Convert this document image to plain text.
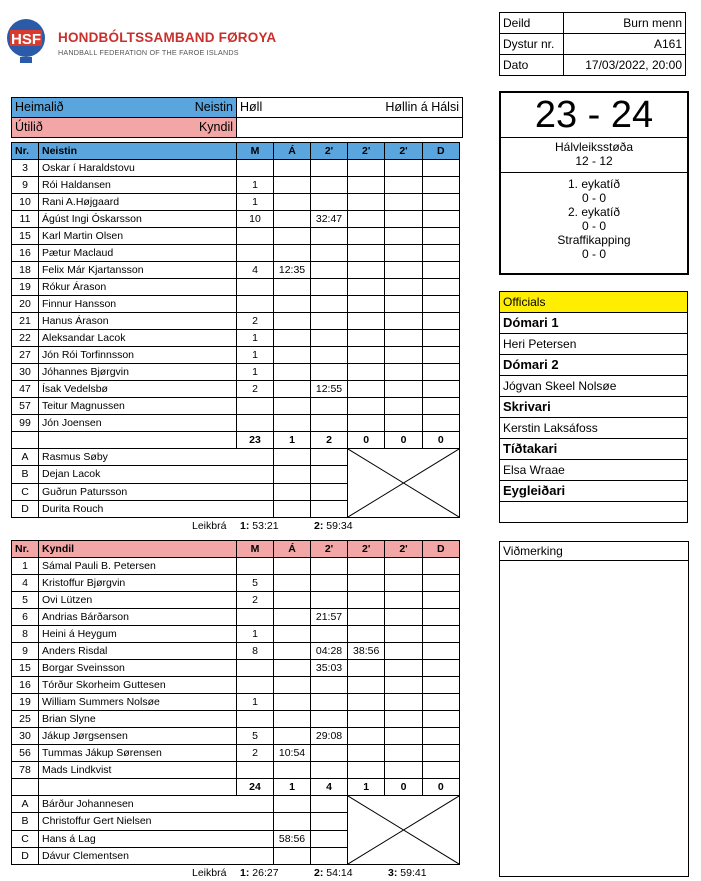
HSF HONDBÓLTSSAMBAND FØROYA
HANDBALL FEDERATION OF THE FAROE ISLANDS
Deild	Burn menn
Dystur nr.	A161
Dato	17/03/2022, 20:00
23 - 24
Hálvleiksstøða
12 - 12
1. eykatíð
0 - 0
2. eykatíð
0 - 0
Straffikapping
0 - 0
Heimalið Neistin	Høll Høllin á Hálsi

Útilið Kyndil	

Nr.	Neistin	M	Á	2'	2'	2'	D
3	Oskar í Haraldstovu						
9	Rói Haldansen	1					
10	Rani A.Højgaard	1					
11	Ágúst Ingi Óskarsson	10		32:47			
15	Karl Martin Olsen						
16	Pætur Maclaud						
18	Felix Már Kjartansson	4	12:35				
19	Rókur Árason						
20	Finnur Hansson						
21	Hanus Árason	2					
22	Aleksandar Lacok	1					
27	Jón Rói Torfinnsson	1					
30	Jóhannes Bjørgvin	1					
47	Ísak Vedelsbø	2		12:55			
57	Teitur Magnussen						
99	Jón Joensen						
		23	1	2	0	0	0
A	Rasmus Søby			

B	Dejan Lacok						
C	Guðrun Patursson						
D	Durita Rouch						
Leikbrá 1: 53:21	2: 59:34
Nr.	Kyndil	M	Á	2'	2'	2'	D
1	Sámal Pauli B. Petersen						
4	Kristoffur Bjørgvin	5					
5	Ovi Lützen	2					
6	Andrias Bárðarson			21:57			
8	Heini á Heygum	1					
9	Anders Risdal	8		04:28	38:56		
15	Borgar Sveinsson			35:03			
16	Tórður Skorheim Guttesen						
19	William Summers Nolsøe	1					
25	Brian Slyne						
30	Jákup Jørgsensen	5		29:08			
56	Tummas Jákup Sørensen	2	10:54				
78	Mads Lindkvist						
		24	1	4	1	0	0
A	Bárður Johannesen			

B	Christoffur Gert Nielsen						
C	Hans á Lag		58:56				
D	Dávur Clementsen						
Leikbrá 1: 26:27	2: 54:14	3: 59:41
Officials
Dómari 1
Heri Petersen
Dómari 2
Jógvan Skeel Nolsøe
Skrivari
Kerstin Laksáfoss
Tíðtakari
Elsa Wraae
Eygleiðari

Viðmerking
